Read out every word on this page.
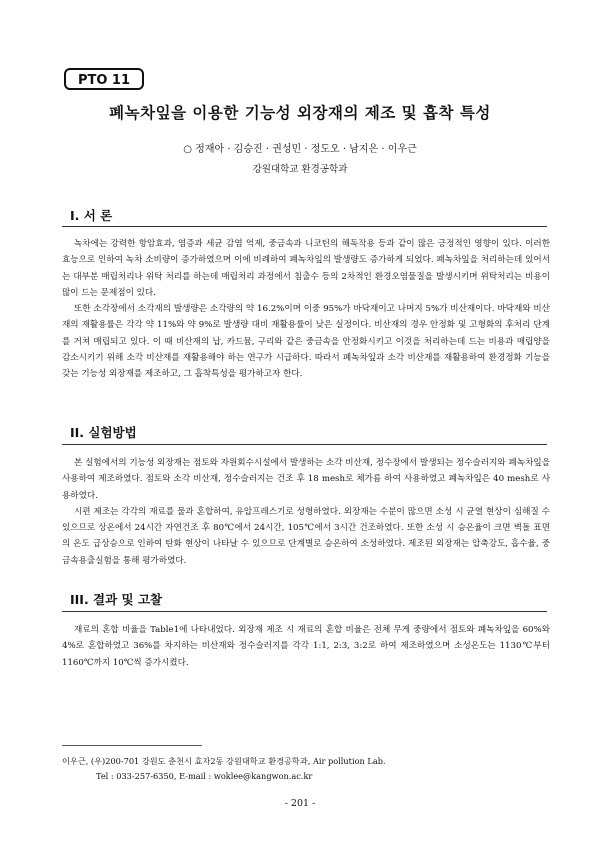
PTO 11
폐녹차잎을 이용한 기능성 외장재의 제조 및 흡착 특성
○ 정재아 · 김승진 · 권성민 · 정도오 · 남지은 · 이우근
강원대학교 환경공학과
I. 서 론

녹차에는 강력한 항암효과, 염증과 세균 감염 억제, 중금속과 니코틴의 해독작용 등과 같이 많은 긍정적인 영향이 있다. 이러한 효능으로 인하여 녹차 소비량이 증가하였으며 이에 비례하여 폐녹차잎의 발생량도 증가하게 되었다. 폐녹차잎을 처리하는데 있어서는 대부분 매립처리나 위탁 처리를 하는데 매립처리 과정에서 침출수 등의 2차적인 환경오염물질을 발생시키며 위탁처리는 비용이 많이 드는 문제점이 있다.

또한 소각장에서 소각재의 발생량은 소각량의 약 16.2%이며 이중 95%가 바닥재이고 나머지 5%가 비산재이다. 바닥재와 비산재의 재활용률은 각각 약 11%와 약 9%로 발생량 대비 재활용률이 낮은 실정이다. 비산재의 경우 안정화 및 고형화의 후처리 단계를 거쳐 매립되고 있다. 이 때 비산재의 납, 카드뮴, 구리와 같은 중금속을 안정화시키고 이것을 처리하는데 드는 비용과 매립양을 감소시키기 위해 소각 비산재를 재활용해야 하는 연구가 시급하다. 따라서 폐녹차잎과 소각 비산재를 재활용하여 환경정화 기능을 갖는 기능성 외장재를 제조하고, 그 흡착특성을 평가하고자 한다.

II. 실험방법

본 실험에서의 기능성 외장재는 점토와 자원회수시설에서 발생하는 소각 비산재, 정수장에서 발생되는 정수슬러지와 폐녹차잎을 사용하여 제조하였다. 점토와 소각 비산재, 정수슬러지는 건조 후 18 mesh로 체가름 하여 사용하였고 폐녹차잎은 40 mesh로 사용하였다.

시편 제조는 각각의 재료를 물과 혼합하여, 유압프레스기로 성형하였다. 외장재는 수분이 많으면 소성 시 균열 현상이 심해질 수 있으므로 상온에서 24시간 자연건조 후 80℃에서 24시간, 105℃에서 3시간 건조하였다. 또한 소성 시 승온율이 크면 벽돌 표면의 온도 급상승으로 인하여 탄화 현상이 나타날 수 있으므로 단계별로 승온하여 소성하였다. 제조된 외장재는 압축강도, 흡수율, 중금속용출실험을 통해 평가하였다.

III. 결과 및 고찰

재료의 혼합 비율을 Table1에 나타내었다. 외장재 제조 시 재료의 혼합 비율은 전체 무게 중량에서 점토와 폐녹차잎을 60%와 4%로 혼합하였고 36%를 차지하는 비산재와 정수슬러지를 각각 1:1, 2:3, 3:2로 하여 제조하였으며 소성온도는 1130℃부터 1160℃까지 10℃씩 증가시켰다.

이우근, (우)200-701 강원도 춘천시 효자2동 강원대학교 환경공학과, Air pollution Lab.
Tel : 033-257-6350, E-mail : woklee@kangwon.ac.kr
- 201 -
